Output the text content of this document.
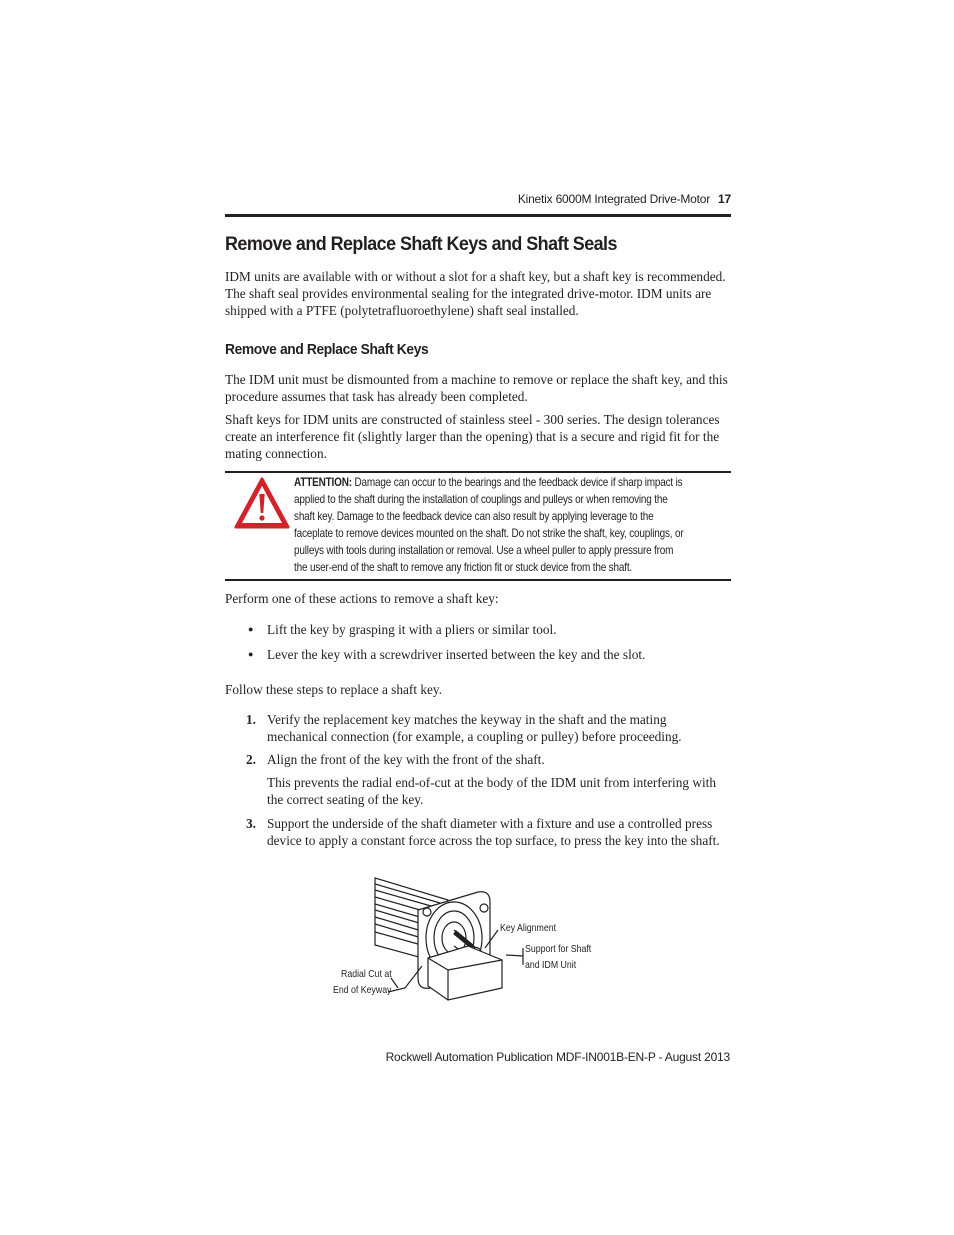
Kinetix 6000M Integrated Drive-Motor 17
Remove and Replace Shaft Keys and Shaft Seals
IDM units are available with or without a slot for a shaft key, but a shaft key is recommended. The shaft seal provides environmental sealing for the integrated drive-motor. IDM units are shipped with a PTFE (polytetrafluoroethylene) shaft seal installed.
Remove and Replace Shaft Keys
The IDM unit must be dismounted from a machine to remove or replace the shaft key, and this procedure assumes that task has already been completed.
Shaft keys for IDM units are constructed of stainless steel - 300 series. The design tolerances create an interference fit (slightly larger than the opening) that is a secure and rigid fit for the mating connection.
ATTENTION: Damage can occur to the bearings and the feedback device if sharp impact is applied to the shaft during the installation of couplings and pulleys or when removing the shaft key. Damage to the feedback device can also result by applying leverage to the faceplate to remove devices mounted on the shaft. Do not strike the shaft, key, couplings, or pulleys with tools during installation or removal. Use a wheel puller to apply pressure from the user-end of the shaft to remove any friction fit or stuck device from the shaft.
Perform one of these actions to remove a shaft key:
● Lift the key by grasping it with a pliers or similar tool.
● Lever the key with a screwdriver inserted between the key and the slot.
Follow these steps to replace a shaft key.
1. Verify the replacement key matches the keyway in the shaft and the mating mechanical connection (for example, a coupling or pulley) before proceeding.
2. Align the front of the key with the front of the shaft.
This prevents the radial end-of-cut at the body of the IDM unit from interfering with the correct seating of the key.
3. Support the underside of the shaft diameter with a fixture and use a controlled press device to apply a constant force across the top surface, to press the key into the shaft.
Key Alignment
Support for Shaft
and IDM Unit
Radial Cut at
End of Keyway
Rockwell Automation Publication MDF-IN001B-EN-P - August 2013
